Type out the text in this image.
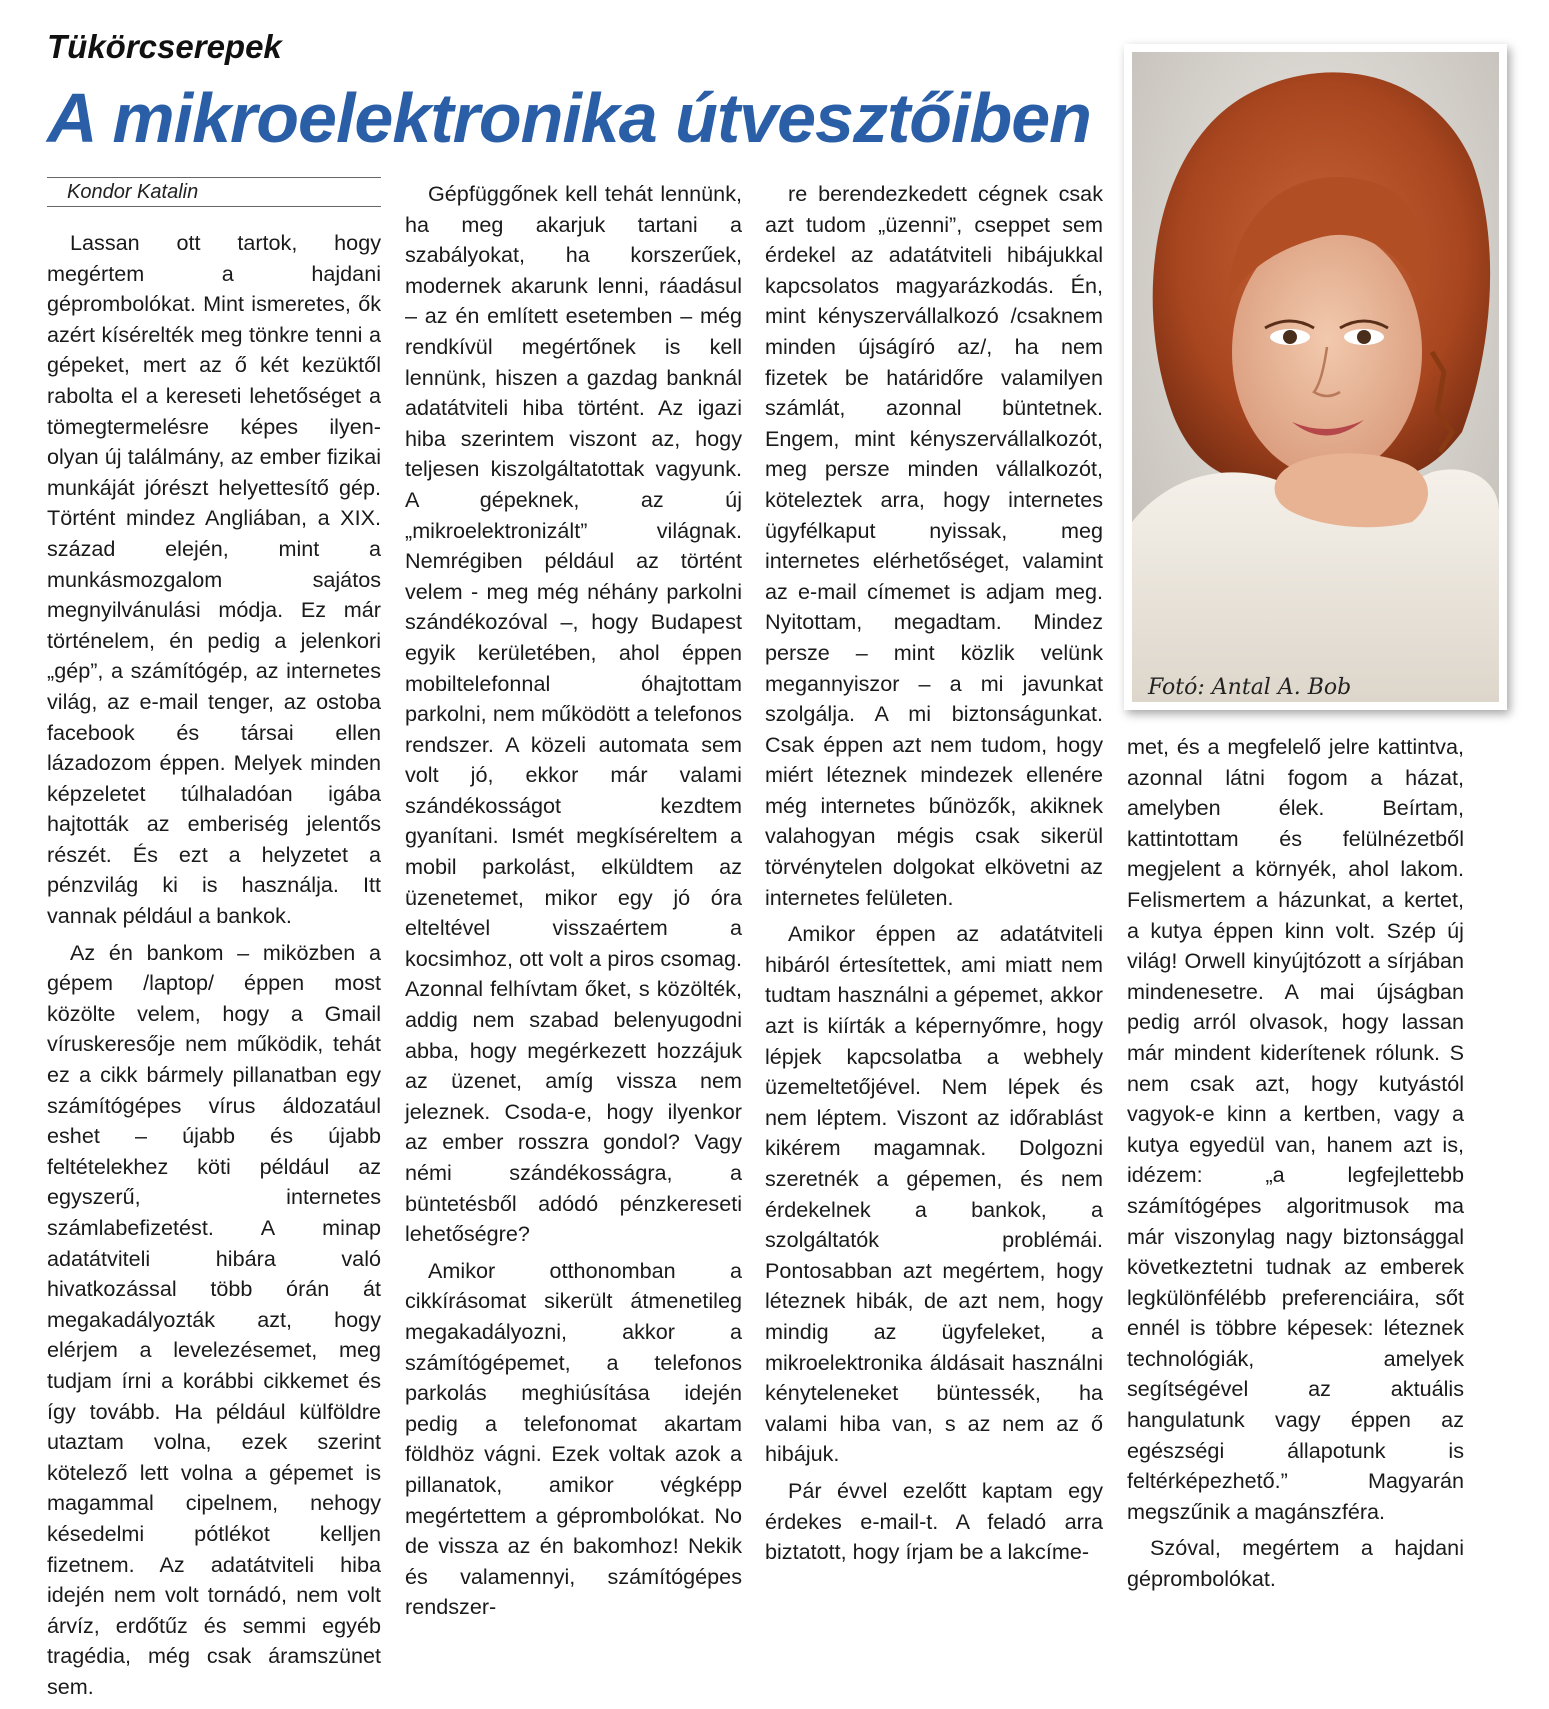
Tükörcserepek
A mikroelektronika útvesztőiben
Kondor Katalin

Lassan ott tartok, hogy megértem a hajdani géprombolókat. Mint ismeretes, ők azért kísérelték meg tönkre tenni a gépeket, mert az ő két kezüktől rabolta el a kereseti lehetőséget a tömegtermelésre képes ilyen-olyan új találmány, az ember fizikai munkáját jórészt helyettesítő gép. Történt mindez Angliában, a XIX. század elején, mint a munkásmozgalom sajátos megnyilvánulási módja. Ez már történelem, én pedig a jelenkori „gép”, a számítógép, az internetes világ, az e-mail tenger, az ostoba facebook és társai ellen lázadozom éppen. Melyek minden képzeletet túlhaladóan igába hajtották az emberiség jelentős részét. És ezt a helyzetet a pénzvilág ki is használja. Itt vannak például a bankok.

Az én bankom – miközben a gépem /laptop/ éppen most közölte velem, hogy a Gmail víruskeresője nem működik, tehát ez a cikk bármely pillanatban egy számítógépes vírus áldozatául eshet – újabb és újabb feltételekhez köti például az egyszerű, internetes számlabefizetést. A minap adatátviteli hibára való hivatkozással több órán át megakadályozták azt, hogy elérjem a levelezésemet, meg tudjam írni a korábbi cikkemet és így tovább. Ha például külföldre utaztam volna, ezek szerint kötelező lett volna a gépemet is magammal cipelnem, nehogy késedelmi pótlékot kelljen fizetnem. Az adatátviteli hiba idején nem volt tornádó, nem volt árvíz, erdőtűz és semmi egyéb tragédia, még csak áramszünet sem.

Gépfüggőnek kell tehát lennünk, ha meg akarjuk tartani a szabályokat, ha korszerűek, modernek akarunk lenni, ráadásul – az én említett esetemben – még rendkívül megértőnek is kell lennünk, hiszen a gazdag banknál adatátviteli hiba történt. Az igazi hiba szerintem viszont az, hogy teljesen kiszolgáltatottak vagyunk. A gépeknek, az új „mikroelektronizált” világnak. Nemrégiben például az történt velem - meg még néhány parkolni szándékozóval –, hogy Budapest egyik kerületében, ahol éppen mobiltelefonnal óhajtottam parkolni, nem működött a telefonos rendszer. A közeli automata sem volt jó, ekkor már valami szándékosságot kezdtem gyanítani. Ismét megkíséreltem a mobil parkolást, elküldtem az üzenetemet, mikor egy jó óra elteltével visszaértem a kocsimhoz, ott volt a piros csomag. Azonnal felhívtam őket, s közölték, addig nem szabad belenyugodni abba, hogy megérkezett hozzájuk az üzenet, amíg vissza nem jeleznek. Csoda-e, hogy ilyenkor az ember rosszra gondol? Vagy némi szándékosságra, a büntetésből adódó pénzkereseti lehetőségre?

Amikor otthonomban a cikkírásomat sikerült átmenetileg megakadályozni, akkor a számítógépemet, a telefonos parkolás meghiúsítása idején pedig a telefonomat akartam földhöz vágni. Ezek voltak azok a pillanatok, amikor végképp megértettem a géprombolókat. No de vissza az én bakomhoz! Nekik és valamennyi, számítógépes rendszer-

re berendezkedett cégnek csak azt tudom „üzenni”, cseppet sem érdekel az adatátviteli hibájukkal kapcsolatos magyarázkodás. Én, mint kényszervállalkozó /csaknem minden újságíró az/, ha nem fizetek be határidőre valamilyen számlát, azonnal büntetnek. Engem, mint kényszervállalkozót, meg persze minden vállalkozót, köteleztek arra, hogy internetes ügyfélkaput nyissak, meg internetes elérhetőséget, valamint az e-mail címemet is adjam meg. Nyitottam, megadtam. Mindez persze – mint közlik velünk megannyiszor – a mi javunkat szolgálja. A mi biztonságunkat. Csak éppen azt nem tudom, hogy miért léteznek mindezek ellenére még internetes bűnözők, akiknek valahogyan mégis csak sikerül törvénytelen dolgokat elkövetni az internetes felületen.

Amikor éppen az adatátviteli hibáról értesítettek, ami miatt nem tudtam használni a gépemet, akkor azt is kiírták a képernyőmre, hogy lépjek kapcsolatba a webhely üzemeltetőjével. Nem lépek és nem léptem. Viszont az időrablást kikérem magamnak. Dolgozni szeretnék a gépemen, és nem érdekelnek a bankok, a szolgáltatók problémái. Pontosabban azt megértem, hogy léteznek hibák, de azt nem, hogy mindig az ügyfeleket, a mikroelektronika áldásait használni kényteleneket büntessék, ha valami hiba van, s az nem az ő hibájuk.

Pár évvel ezelőtt kaptam egy érdekes e-mail-t. A feladó arra biztatott, hogy írjam be a lakcíme-

met, és a megfelelő jelre kattintva, azonnal látni fogom a házat, amelyben élek. Beírtam, kattintottam és felülnézetből megjelent a környék, ahol lakom. Felismertem a házunkat, a kertet, a kutya éppen kinn volt. Szép új világ! Orwell kinyújtózott a sírjában mindenesetre. A mai újságban pedig arról olvasok, hogy lassan már mindent kiderítenek rólunk. S nem csak azt, hogy kutyástól vagyok-e kinn a kertben, vagy a kutya egyedül van, hanem azt is, idézem: „a legfejlettebb számítógépes algoritmusok ma már viszonylag nagy biztonsággal következtetni tudnak az emberek legkülönfélébb preferenciáira, sőt ennél is többre képesek: léteznek technológiák, amelyek segítségével az aktuális hangulatunk vagy éppen az egészségi állapotunk is feltérképezhető.” Magyarán megszűnik a magánszféra.

Szóval, megértem a hajdani géprombolókat.

Fotó: Antal A. Bob
